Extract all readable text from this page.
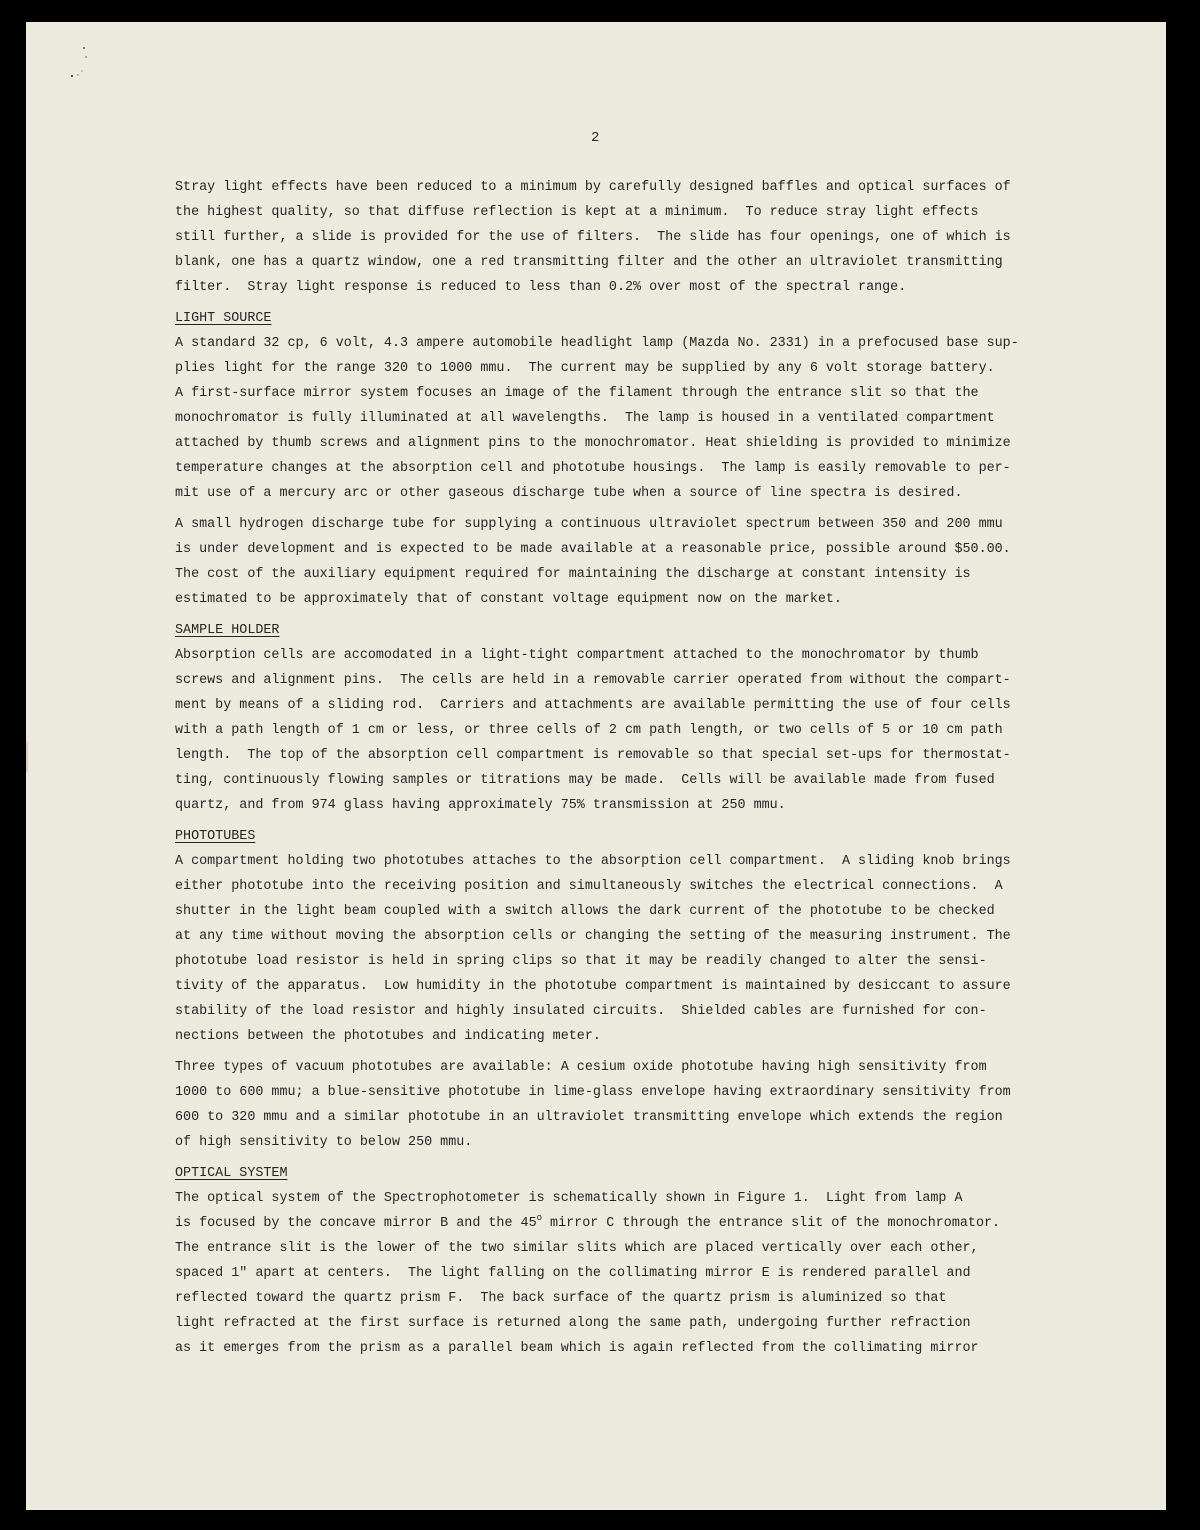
2
Stray light effects have been reduced to a minimum by carefully designed baffles and optical surfaces of
the highest quality, so that diffuse reflection is kept at a minimum.  To reduce stray light effects
still further, a slide is provided for the use of filters.  The slide has four openings, one of which is
blank, one has a quartz window, one a red transmitting filter and the other an ultraviolet transmitting
filter.  Stray light response is reduced to less than 0.2% over most of the spectral range.
LIGHT SOURCE
A standard 32 cp, 6 volt, 4.3 ampere automobile headlight lamp (Mazda No. 2331) in a prefocused base sup-
plies light for the range 320 to 1000 mmu.  The current may be supplied by any 6 volt storage battery.
A first-surface mirror system focuses an image of the filament through the entrance slit so that the
monochromator is fully illuminated at all wavelengths.  The lamp is housed in a ventilated compartment
attached by thumb screws and alignment pins to the monochromator. Heat shielding is provided to minimize
temperature changes at the absorption cell and phototube housings.  The lamp is easily removable to per-
mit use of a mercury arc or other gaseous discharge tube when a source of line spectra is desired.
A small hydrogen discharge tube for supplying a continuous ultraviolet spectrum between 350 and 200 mmu
is under development and is expected to be made available at a reasonable price, possible around $50.00.
The cost of the auxiliary equipment required for maintaining the discharge at constant intensity is
estimated to be approximately that of constant voltage equipment now on the market.
SAMPLE HOLDER
Absorption cells are accomodated in a light-tight compartment attached to the monochromator by thumb
screws and alignment pins.  The cells are held in a removable carrier operated from without the compart-
ment by means of a sliding rod.  Carriers and attachments are available permitting the use of four cells
with a path length of 1 cm or less, or three cells of 2 cm path length, or two cells of 5 or 10 cm path
length.  The top of the absorption cell compartment is removable so that special set-ups for thermostat-
ting, continuously flowing samples or titrations may be made.  Cells will be available made from fused
quartz, and from 974 glass having approximately 75% transmission at 250 mmu.
PHOTOTUBES
A compartment holding two phototubes attaches to the absorption cell compartment.  A sliding knob brings
either phototube into the receiving position and simultaneously switches the electrical connections.  A
shutter in the light beam coupled with a switch allows the dark current of the phototube to be checked
at any time without moving the absorption cells or changing the setting of the measuring instrument. The
phototube load resistor is held in spring clips so that it may be readily changed to alter the sensi-
tivity of the apparatus.  Low humidity in the phototube compartment is maintained by desiccant to assure
stability of the load resistor and highly insulated circuits.  Shielded cables are furnished for con-
nections between the phototubes and indicating meter.
Three types of vacuum phototubes are available: A cesium oxide phototube having high sensitivity from
1000 to 600 mmu; a blue-sensitive phototube in lime-glass envelope having extraordinary sensitivity from
600 to 320 mmu and a similar phototube in an ultraviolet transmitting envelope which extends the region
of high sensitivity to below 250 mmu.
OPTICAL SYSTEM
The optical system of the Spectrophotometer is schematically shown in Figure 1.  Light from lamp A
is focused by the concave mirror B and the 45$^o$ mirror C through the entrance slit of the monochromator.
The entrance slit is the lower of the two similar slits which are placed vertically over each other,
spaced 1" apart at centers.  The light falling on the collimating mirror E is rendered parallel and
reflected toward the quartz prism F.  The back surface of the quartz prism is aluminized so that
light refracted at the first surface is returned along the same path, undergoing further refraction
as it emerges from the prism as a parallel beam which is again reflected from the collimating mirror
